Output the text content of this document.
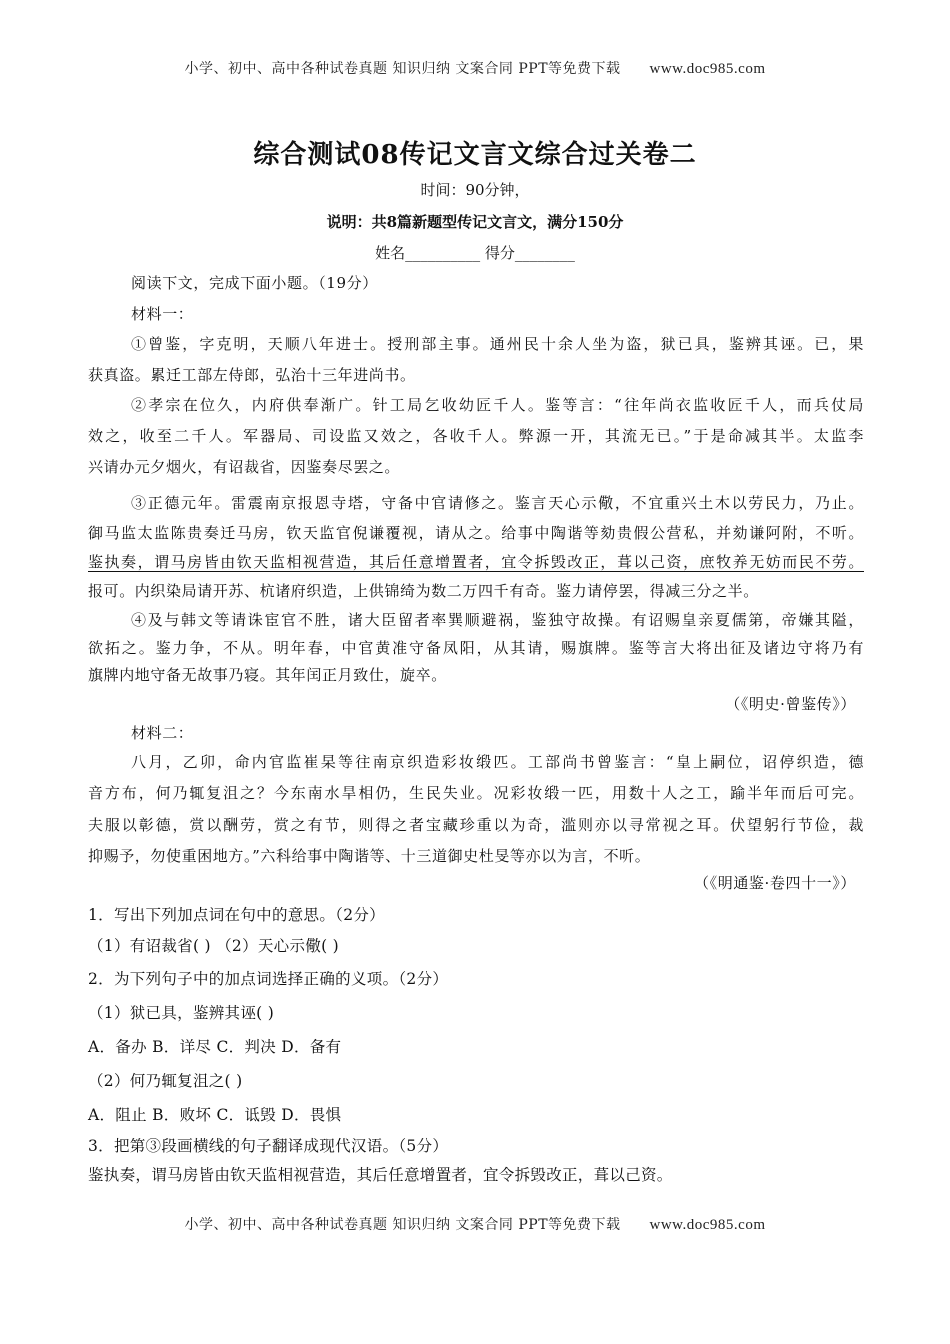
小学、初中、高中各种试卷真题 知识归纳 文案合同 PPT等免费下载 www.doc985.com
综合测试08传记文言文综合过关卷二
时间：90分钟，
说明：共8篇新题型传记文言文，满分150分
姓名__________ 得分________
阅读下文，完成下面小题。（19分）
材料一：
①曾鉴，字克明，天顺八年进士。授刑部主事。通州民十余人坐为盗，狱已具，鉴辨其诬。已，果
获真盗。累迁工部左侍郎，弘治十三年进尚书。
②孝宗在位久，内府供奉渐广。针工局乞收幼匠千人。鉴等言：“往年尚衣监收匠千人，而兵仗局
效之，收至二千人。军器局、司设监又效之，各收千人。弊源一开，其流无已。”于是命减其半。太监李
兴请办元夕烟火，有诏裁省，因鉴奏尽罢之。
③正德元年。雷震南京报恩寺塔，守备中官请修之。鉴言天心示儆，不宜重兴土木以劳民力，乃止。
御马监太监陈贵奏迁马房，钦天监官倪谦覆视，请从之。给事中陶谐等劾贵假公营私，并劾谦阿附，不听。
鉴执奏，谓马房皆由钦天监相视营造，其后任意增置者，宜令拆毁改正，葺以己资，庶牧养无妨而民不劳。
报可。内织染局请开苏、杭诸府织造，上供锦绮为数二万四千有奇。鉴力请停罢，得减三分之半。
④及与韩文等请诛宦官不胜，诸大臣留者率巽顺避祸，鉴独守故操。有诏赐皇亲夏儒第，帝嫌其隘，
欲拓之。鉴力争，不从。明年春，中官黄准守备凤阳，从其请，赐旗牌。鉴等言大将出征及诸边守将乃有
旗牌内地守备无故事乃寝。其年闰正月致仕，旋卒。
（《明史·曾鉴传》）
材料二：
八月，乙卯，命内官监崔杲等往南京织造彩妆缎匹。工部尚书曾鉴言：“皇上嗣位，诏停织造，德
音方布，何乃辄复沮之？今东南水旱相仍，生民失业。况彩妆缎一匹，用数十人之工，踰半年而后可完。
夫服以彰德，赏以酬劳，赏之有节，则得之者宝藏珍重以为奇，滥则亦以寻常视之耳。伏望躬行节俭，裁
抑赐予，勿使重困地方。”六科给事中陶谐等、十三道御史杜旻等亦以为言，不听。
（《明通鉴·卷四十一》）
1．写出下列加点词在句中的意思。（2分）
（1）有诏裁省( ) （2）天心示儆( )
2．为下列句子中的加点词选择正确的义项。（2分）
（1）狱已具，鉴辨其诬( )
A．备办 B．详尽 C．判决 D．备有
（2）何乃辄复沮之( )
A．阻止 B．败坏 C．诋毁 D．畏惧
3．把第③段画横线的句子翻译成现代汉语。（5分）
鉴执奏，谓马房皆由钦天监相视营造，其后任意增置者，宜令拆毁改正，葺以己资。
小学、初中、高中各种试卷真题 知识归纳 文案合同 PPT等免费下载 www.doc985.com
